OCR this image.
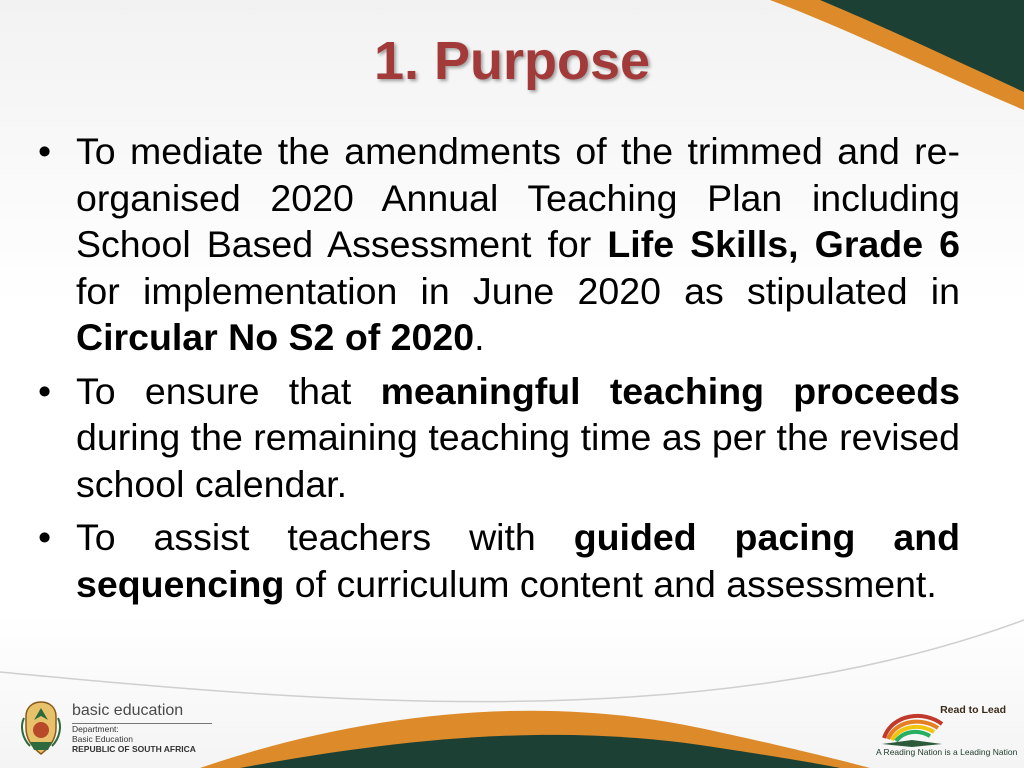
1. Purpose
• To mediate the amendments of the trimmed and re-organised 2020 Annual Teaching Plan including School Based Assessment for Life Skills, Grade 6 for implementation in June 2020 as stipulated in Circular No S2 of 2020.
• To ensure that meaningful teaching proceeds during the remaining teaching time as per the revised school calendar.
• To assist teachers with guided pacing and sequencing of curriculum content and assessment.
basic education
Department:
Basic Education
REPUBLIC OF SOUTH AFRICA
Read to Lead
A Reading Nation is a Leading Nation
